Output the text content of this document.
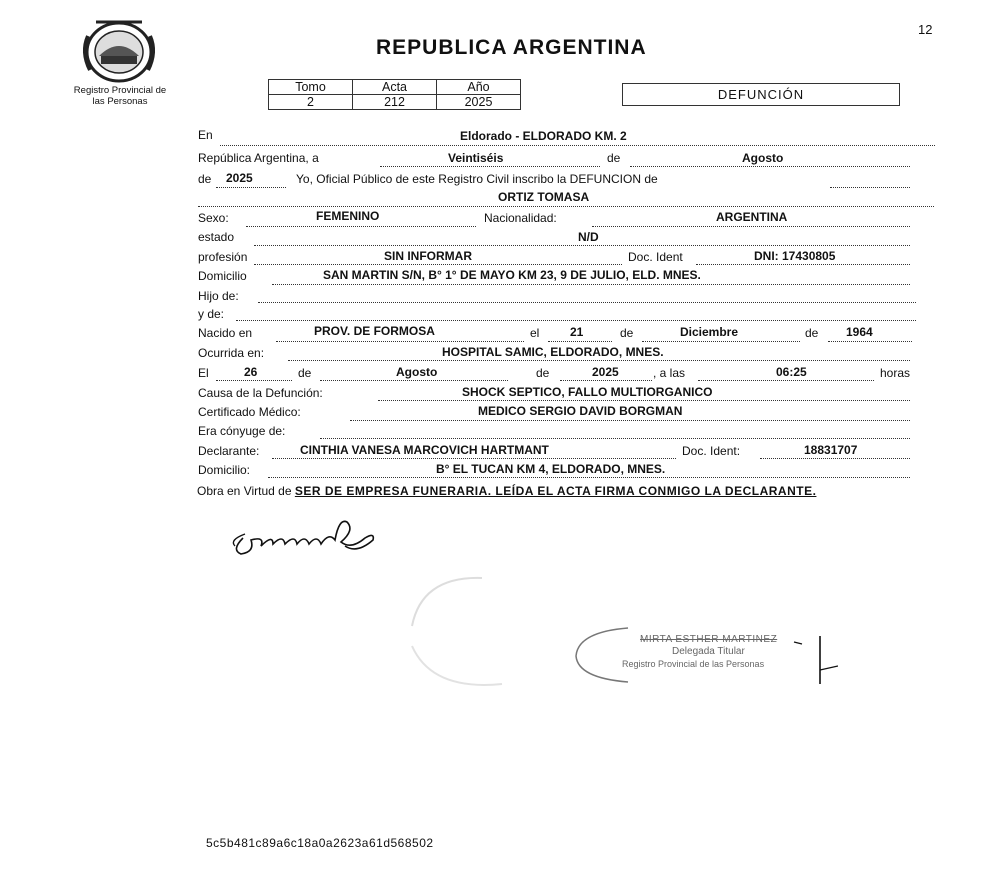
12
Registro Provincial de
las Personas
REPUBLICA ARGENTINA
Tomo	Acta	Año
2	212	2025	DEFUNCIÓN
En	Eldorado - ELDORADO KM. 2
República Argentina, a	Veintiséis	de	Agosto
de 2025	Yo, Oficial Público de este Registro Civil inscribo la DEFUNCION de
ORTIZ TOMASA
Sexo:	FEMENINO	Nacionalidad:	ARGENTINA
estado	N/D
profesión	SIN INFORMAR	Doc. Ident	DNI: 17430805
Domicilio	SAN MARTIN S/N, B° 1° DE MAYO KM 23, 9 DE JULIO, ELD. MNES.
Hijo de:
y de:
Nacido en	PROV. DE FORMOSA	el	21	de	Diciembre	de 1964
Ocurrida en:	HOSPITAL SAMIC, ELDORADO, MNES.
El	26	de	Agosto	de	2025	, a las	06:25	horas
Causa de la Defunción:	SHOCK SEPTICO, FALLO MULTIORGANICO
Certificado Médico:	MEDICO SERGIO DAVID BORGMAN
Era cónyuge de:
Declarante:	CINTHIA VANESA MARCOVICH HARTMANT	Doc. Ident:	18831707
Domicilio:	B° EL TUCAN KM 4, ELDORADO, MNES.
Obra en Virtud de SER DE EMPRESA FUNERARIA. LEÍDA EL ACTA FIRMA CONMIGO LA DECLARANTE.
MIRTA ESTHER MARTINEZ
Delegada Titular
Registro Provincial de las Personas
5c5b481c89a6c18a0a2623a61d568502
